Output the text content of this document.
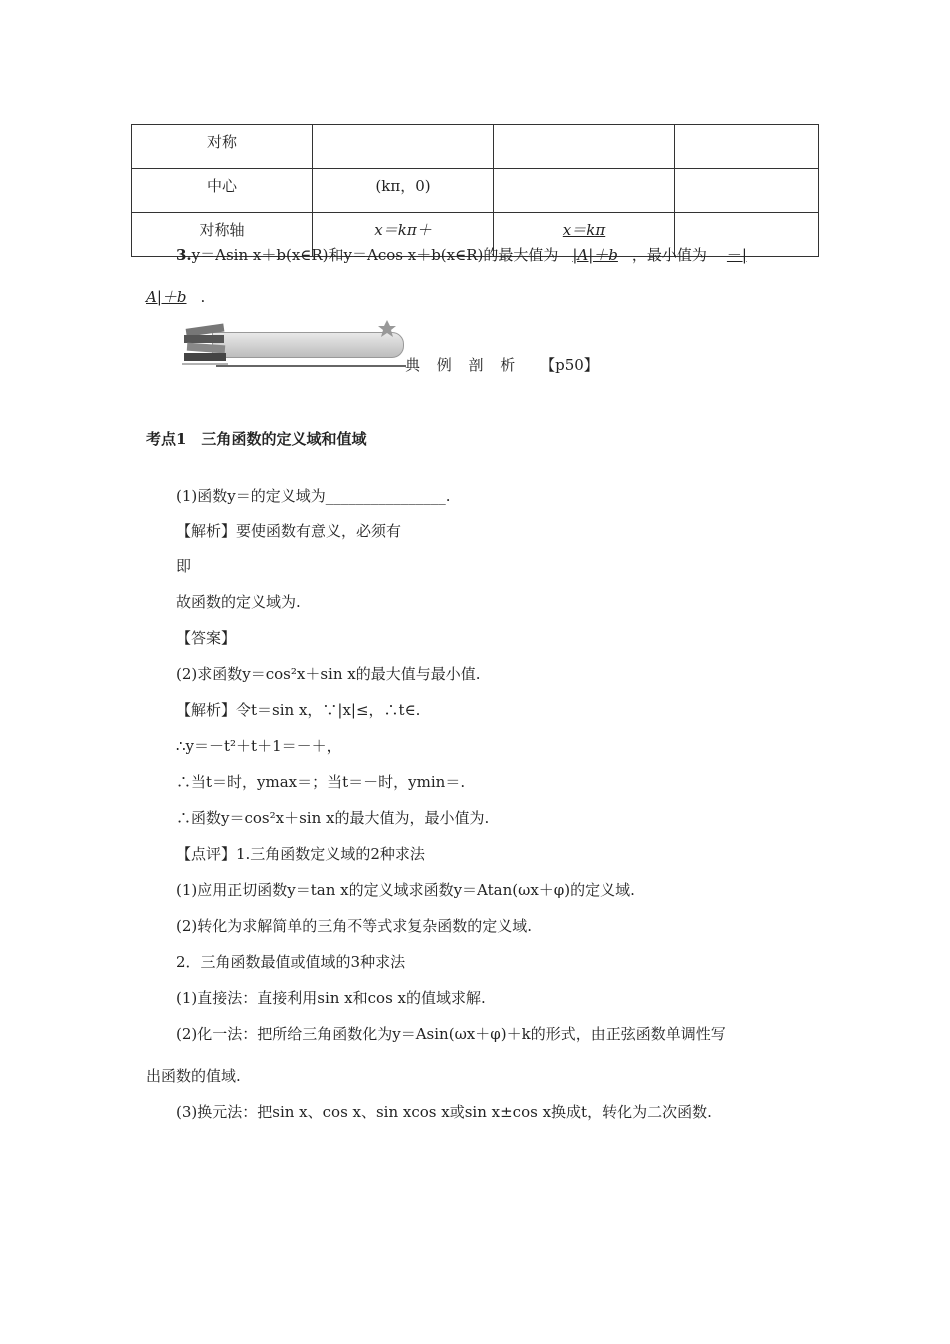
对称			
中心	(kπ，0)		
对称轴	x＝kπ＋	x＝kπ	
3.y＝Asin x＋b(x∈R)和y＝Acos x＋b(x∈R)的最大值为 |A|＋b ，最小值为 －|
A|＋b .
典 例 剖 析 【p50】
考点1　三角函数的定义域和值域
(1)函数y＝的定义域为________________.
【解析】要使函数有意义，必须有
即
故函数的定义域为.
【答案】
(2)求函数y＝cos²x＋sin x的最大值与最小值.
【解析】令t＝sin x，∵|x|≤，∴t∈.
∴y＝－t²＋t＋1＝－＋，
∴当t＝时，ymax＝；当t＝－时，ymin＝.
∴函数y＝cos²x＋sin x的最大值为，最小值为.
【点评】1.三角函数定义域的2种求法
(1)应用正切函数y＝tan x的定义域求函数y＝Atan(ωx＋φ)的定义域.
(2)转化为求解简单的三角不等式求复杂函数的定义域.
2．三角函数最值或值域的3种求法
(1)直接法：直接利用sin x和cos x的值域求解.
(2)化一法：把所给三角函数化为y＝Asin(ωx＋φ)＋k的形式，由正弦函数单调性写
出函数的值域.
(3)换元法：把sin x、cos x、sin xcos x或sin x±cos x换成t，转化为二次函数.
